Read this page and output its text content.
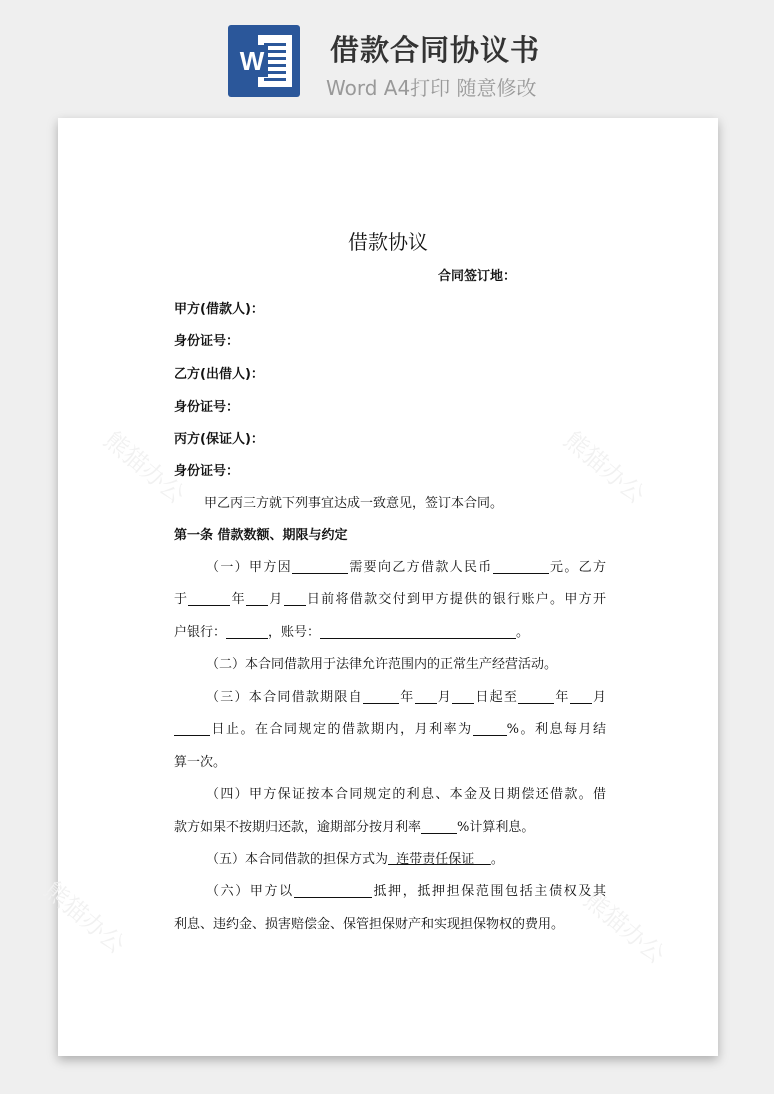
W 借款合同协议书
Word A4打印 随意修改
熊猫办公	熊猫办公
熊猫办公	熊猫办公
借款协议
合同签订地：
甲方(借款人)：
身份证号：
乙方(出借人)：
身份证号：
丙方(保证人)：
身份证号：
甲乙丙三方就下列事宜达成一致意见，签订本合同。
第一条 借款数额、期限与约定
（一）甲方因	需要向乙方借款人民币	元。乙方
于	年 月 日前将借款交付到甲方提供的银行账户。甲方开
户银行：	，账号：	。
（二）本合同借款用于法律允许范围内的正常生产经营活动。
（三）本合同借款期限自	年 月 日起至	年 月
日止。在合同规定的借款期内，月利率为	%。利息每月结
算一次。
（四）甲方保证按本合同规定的利息、本金及日期偿还借款。借
款方如果不按期归还款，逾期部分按月利率	%计算利息。
（五）本合同借款的担保方式为  连带责任保证    。
（六）甲方以	抵押，抵押担保范围包括主债权及其
利息、违约金、损害赔偿金、保管担保财产和实现担保物权的费用。
